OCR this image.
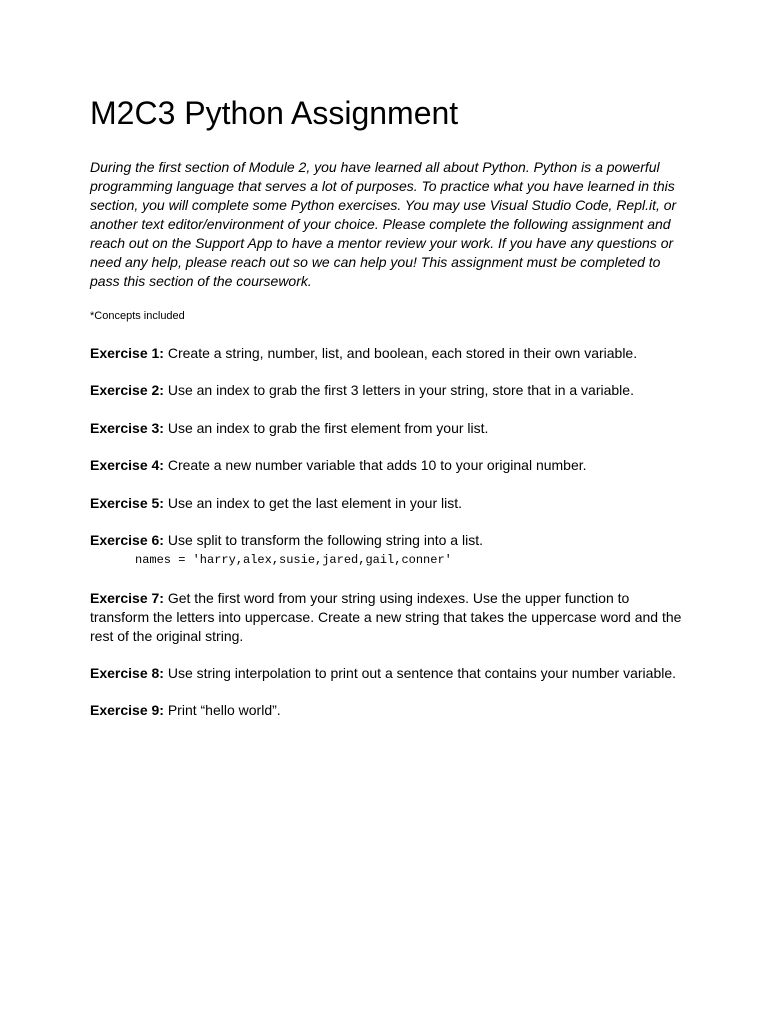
M2C3 Python Assignment

During the first section of Module 2, you have learned all about Python. Python is a powerful programming language that serves a lot of purposes. To practice what you have learned in this section, you will complete some Python exercises. You may use Visual Studio Code, Repl.it, or another text editor/environment of your choice. Please complete the following assignment and reach out on the Support App to have a mentor review your work. If you have any questions or need any help, please reach out so we can help you! This assignment must be completed to pass this section of the coursework.

*Concepts included

Exercise 1: Create a string, number, list, and boolean, each stored in their own variable.

Exercise 2: Use an index to grab the first 3 letters in your string, store that in a variable.

Exercise 3: Use an index to grab the first element from your list.

Exercise 4: Create a new number variable that adds 10 to your original number.

Exercise 5: Use an index to get the last element in your list.

Exercise 6: Use split to transform the following string into a list.

names = 'harry,alex,susie,jared,gail,conner'

Exercise 7: Get the first word from your string using indexes. Use the upper function to transform the letters into uppercase. Create a new string that takes the uppercase word and the rest of the original string.

Exercise 8: Use string interpolation to print out a sentence that contains your number variable.

Exercise 9: Print “hello world”.
